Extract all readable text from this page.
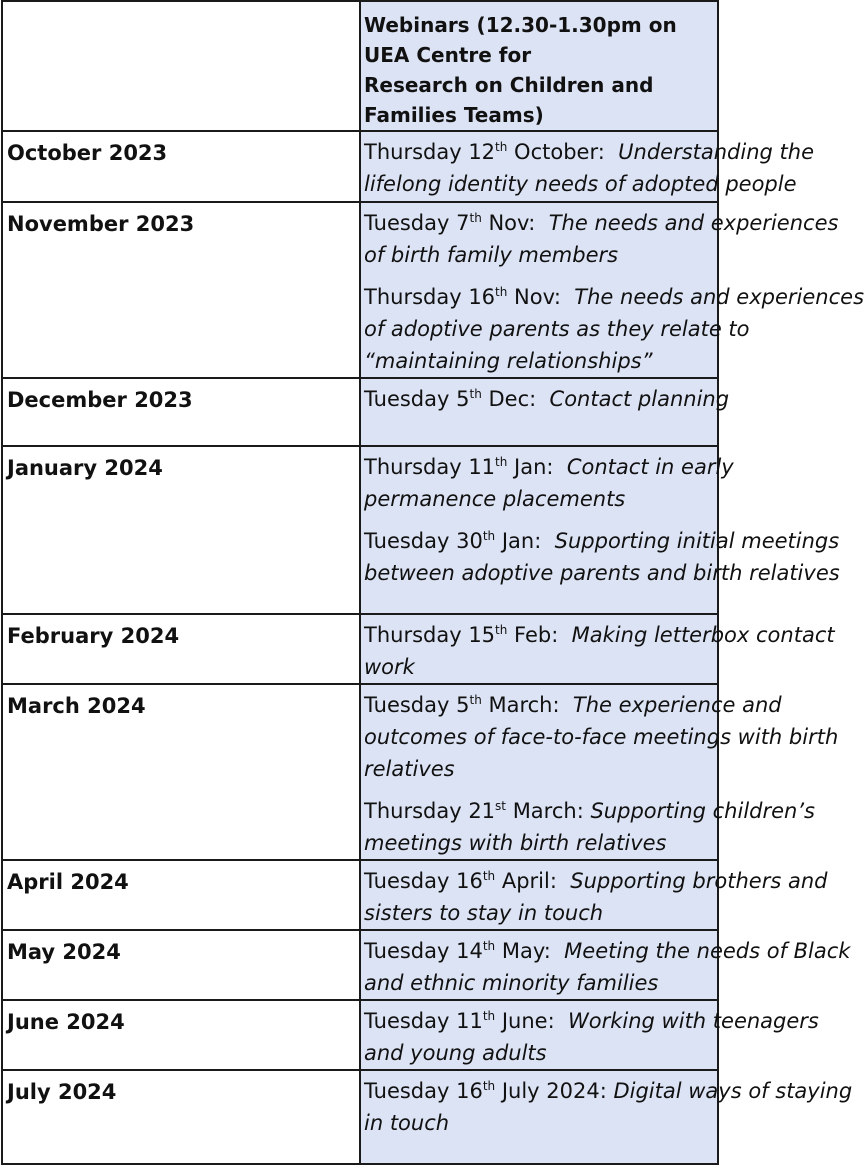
	Webinars (12.30-1.30pm on UEA Centre for
Research on Children and Families Teams)

October 2023	Thursday 12th October:  Understanding the
lifelong identity needs of adopted people

November 2023	Tuesday 7th Nov:  The needs and experiences
of birth family members
Thursday 16th Nov:  The needs and experiences
of adoptive parents as they relate to
“maintaining relationships”

December 2023	Tuesday 5th Dec:  Contact planning

January 2024	Thursday 11th Jan:  Contact in early
permanence placements
Tuesday 30th Jan:  Supporting initial meetings
between adoptive parents and birth relatives

February 2024	Thursday 15th Feb:  Making letterbox contact
work

March 2024	Tuesday 5th March:  The experience and
outcomes of face-to-face meetings with birth
relatives
Thursday 21st March: Supporting children’s
meetings with birth relatives

April 2024	Tuesday 16th April:  Supporting brothers and
sisters to stay in touch

May 2024	Tuesday 14th May:  Meeting the needs of Black
and ethnic minority families

June 2024	Tuesday 11th June:  Working with teenagers
and young adults

July 2024	Tuesday 16th July 2024: Digital ways of staying
in touch
